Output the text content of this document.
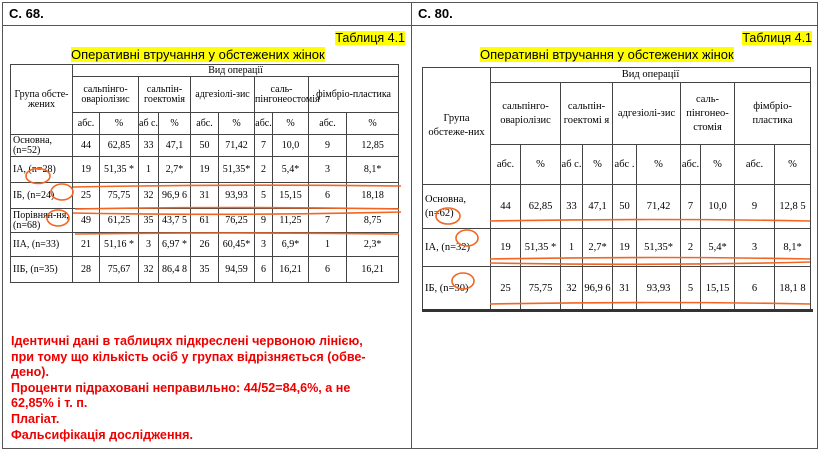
С. 68.	С. 80.
Таблиця 4.1
Оперативні втручання у обстежених жінок
Група обсте-жених	Вид операції									
	сальпінго-оваріолізис		сальпін-гоектомія		адгезіолі-зис		саль-пінгонеостомія		фімбріо-пластика	
	абс.	%	аб с.	%	абс.	%	абс.	%	абс.	%
Основна, (n=52)	44	62,85	33	47,1	50	71,42	7	10,0	9	12,85
IA, (n=28)	19	51,35 *	1	2,7*	19	51,35*	2	5,4*	3	8,1*
IБ, (n=24)	25	75,75	32	96,9 6	31	93,93	5	15,15	6	18,18
Порівнян-ня, (n=68)	49	61,25	35	43,7 5	61	76,25	9	11,25	7	8,75
IIA, (n=33)	21	51,16 *	3	6,97 *	26	60,45*	3	6,9*	1	2,3*
IIБ, (n=35)	28	75,67	32	86,4 8	35	94,59	6	16,21	6	16,21
Ідентичні дані в таблицях підкреслені червоною лінією,
при тому що кількість осіб у групах відрізняється (обве-
дено).
Проценти підраховані неправильно: 44/52=84,6%, а не
62,85% і т. п.
Плагіат.
Фальсифікація дослідження.
Таблиця 4.1
Оперативні втручання у обстежених жінок
Група обстеже-них	Вид операції									
	сальпінго-оваріолізис		сальпін-гоектомі я		адгезіолі-зис		саль-пінгонео-стомія		фімбріо-пластика	
	абс.	%	аб с.	%	абс .	%	абс.	%	абс.	%
Основна, (n=62)	44	62,85	33	47,1	50	71,42	7	10,0	9	12,8 5
IA, (n=32)	19	51,35 *	1	2,7*	19	51,35*	2	5,4*	3	8,1*
IБ, (n=30)	25	75,75	32	96,9 6	31	93,93	5	15,15	6	18,1 8
